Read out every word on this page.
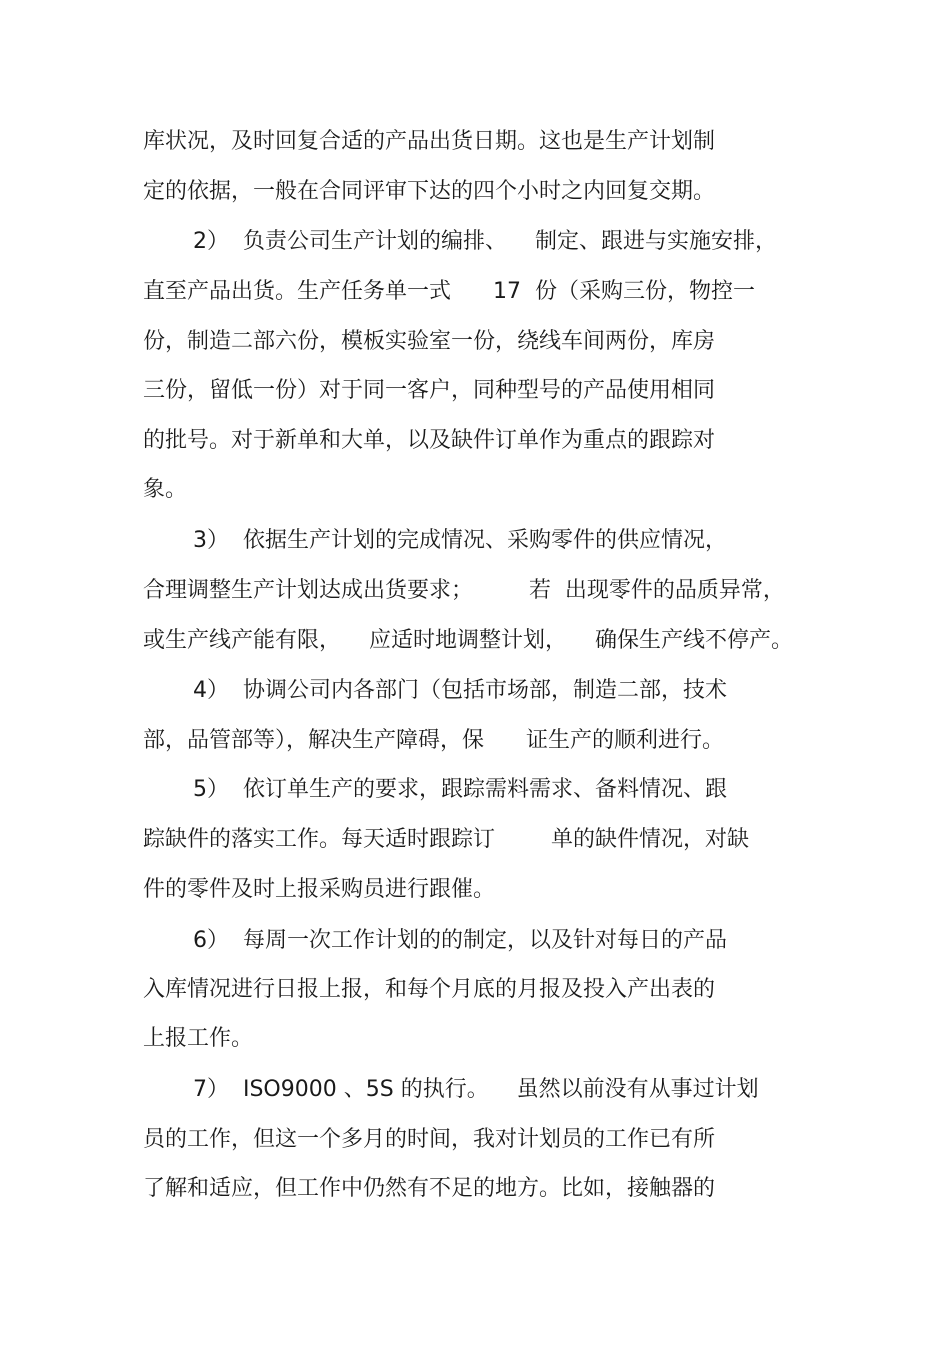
库状况，及时回复合适的产品出货日期。这也是生产计划制

定的依据，一般在合同评审下达的四个小时之内回复交期。

2）  负责公司生产计划的编排、    制定、跟进与实施安排，

直至产品出货。生产任务单一式      17  份（采购三份，物控一

份，制造二部六份，模板实验室一份，绕线车间两份，库房

三份，留低一份）对于同一客户，同种型号的产品使用相同

的批号。对于新单和大单，以及缺件订单作为重点的跟踪对

象。

3）  依据生产计划的完成情况、采购零件的供应情况，

合理调整生产计划达成出货要求；        若  出现零件的品质异常，

或生产线产能有限，    应适时地调整计划，    确保生产线不停产。

4）  协调公司内各部门（包括市场部，制造二部，技术

部，品管部等），解决生产障碍，保      证生产的顺利进行。

5）  依订单生产的要求，跟踪需料需求、备料情况、跟

踪缺件的落实工作。每天适时跟踪订        单的缺件情况，对缺

件的零件及时上报采购员进行跟催。

6）  每周一次工作计划的的制定，以及针对每日的产品

入库情况进行日报上报，和每个月底的月报及投入产出表的

上报工作。

7）  ISO9000 、5S 的执行。    虽然以前没有从事过计划

员的工作，但这一个多月的时间，我对计划员的工作已有所

了解和适应，但工作中仍然有不足的地方。比如，接触器的
